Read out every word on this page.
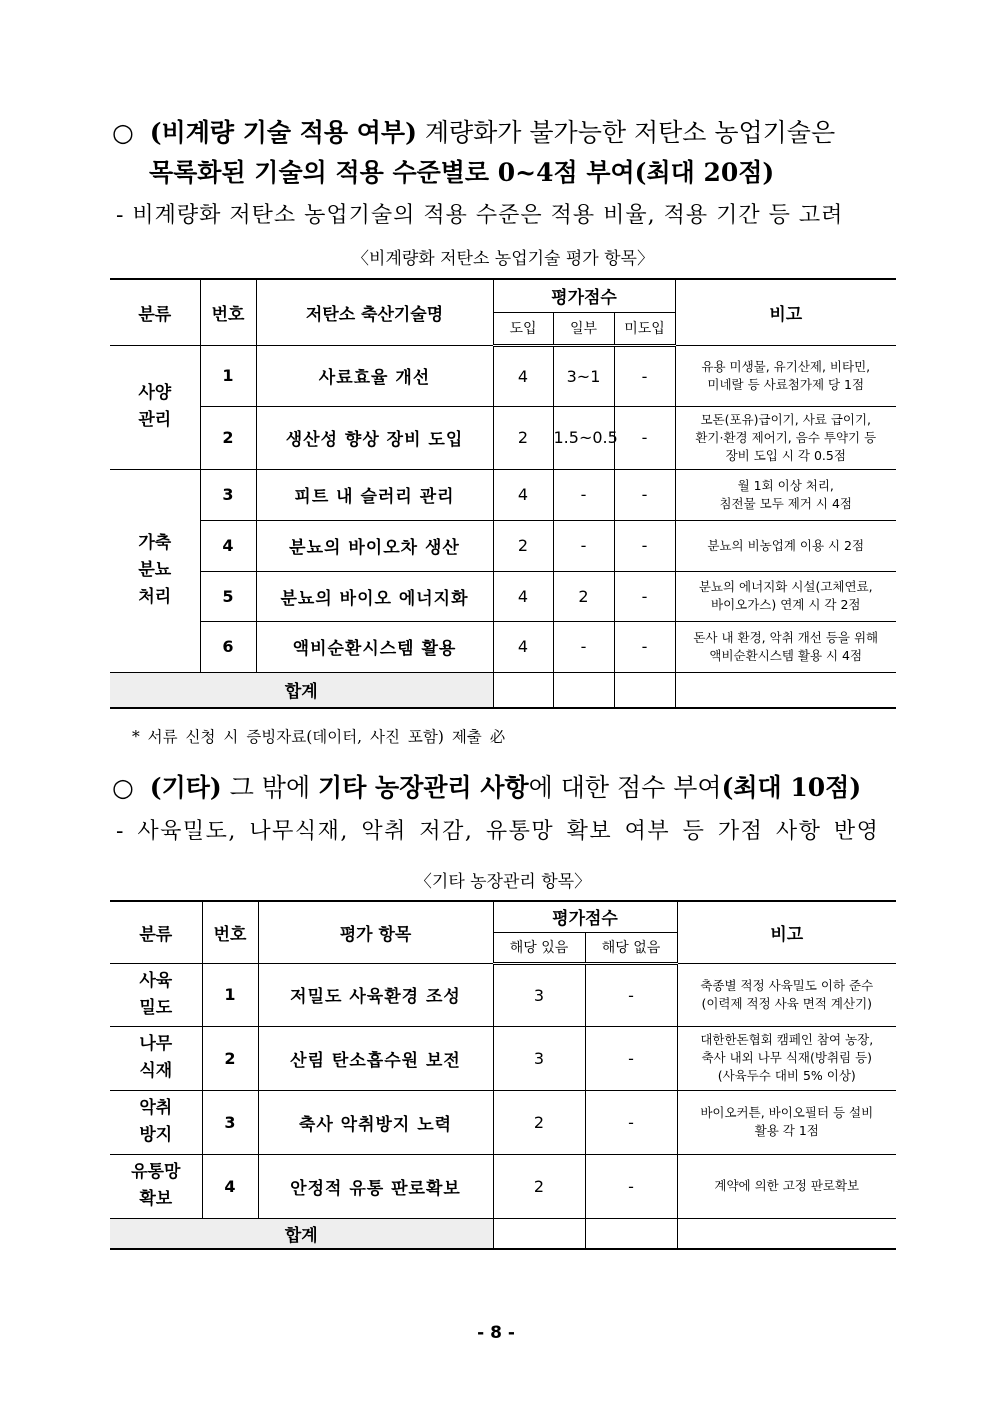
○ (비계량 기술 적용 여부) 계량화가 불가능한 저탄소 농업기술은
목록화된 기술의 적용 수준별로 0~4점 부여(최대 20점)
- 비계량화 저탄소 농업기술의 적용 수준은 적용 비율, 적용 기간 등 고려
〈비계량화 저탄소 농업기술 평가 항목〉
분류	번호	저탄소 축산기술명	평가점수			비고
			도입	일부	미도입	
사양
관리	1	사료효율 개선	4	3~1	-	유용 미생물, 유기산제, 비타민,
미네랄 등 사료첨가제 당 1점
	2	생산성 향상 장비 도입	2	1.5~0.5	-	모돈(포유)급이기, 사료 급이기,
환기·환경 제어기, 음수 투약기 등
장비 도입 시 각 0.5점
가축
분뇨
처리	3	피트 내 슬러리 관리	4	-	-	월 1회 이상 처리,
침전물 모두 제거 시 4점
	4	분뇨의 바이오차 생산	2	-	-	분뇨의 비농업계 이용 시 2점
	5	분뇨의 바이오 에너지화	4	2	-	분뇨의 에너지화 시설(고체연료,
바이오가스) 연계 시 각 2점
	6	액비순환시스템 활용	4	-	-	돈사 내 환경, 악취 개선 등을 위해
액비순환시스템 활용 시 4점
합계						
* 서류 신청 시 증빙자료(데이터, 사진 포함) 제출 必
○ (기타) 그 밖에 기타 농장관리 사항에 대한 점수 부여(최대 10점)
- 사육밀도, 나무식재, 악취 저감, 유통망 확보 여부 등 가점 사항 반영
〈기타 농장관리 항목〉
분류	번호	평가 항목	평가점수		비고
			해당 있음	해당 없음	
사육
밀도	1	저밀도 사육환경 조성	3	-	축종별 적정 사육밀도 이하 준수
(이력제 적정 사육 면적 계산기)
나무
식재	2	산림 탄소흡수원 보전	3	-	대한한돈협회 캠페인 참여 농장,
축사 내외 나무 식재(방취림 등)
(사육두수 대비 5% 이상)
악취
방지	3	축사 악취방지 노력	2	-	바이오커튼, 바이오필터 등 설비
활용 각 1점
유통망
확보	4	안정적 유통 판로확보	2	-	계약에 의한 고정 판로확보
합계					
- 8 -
